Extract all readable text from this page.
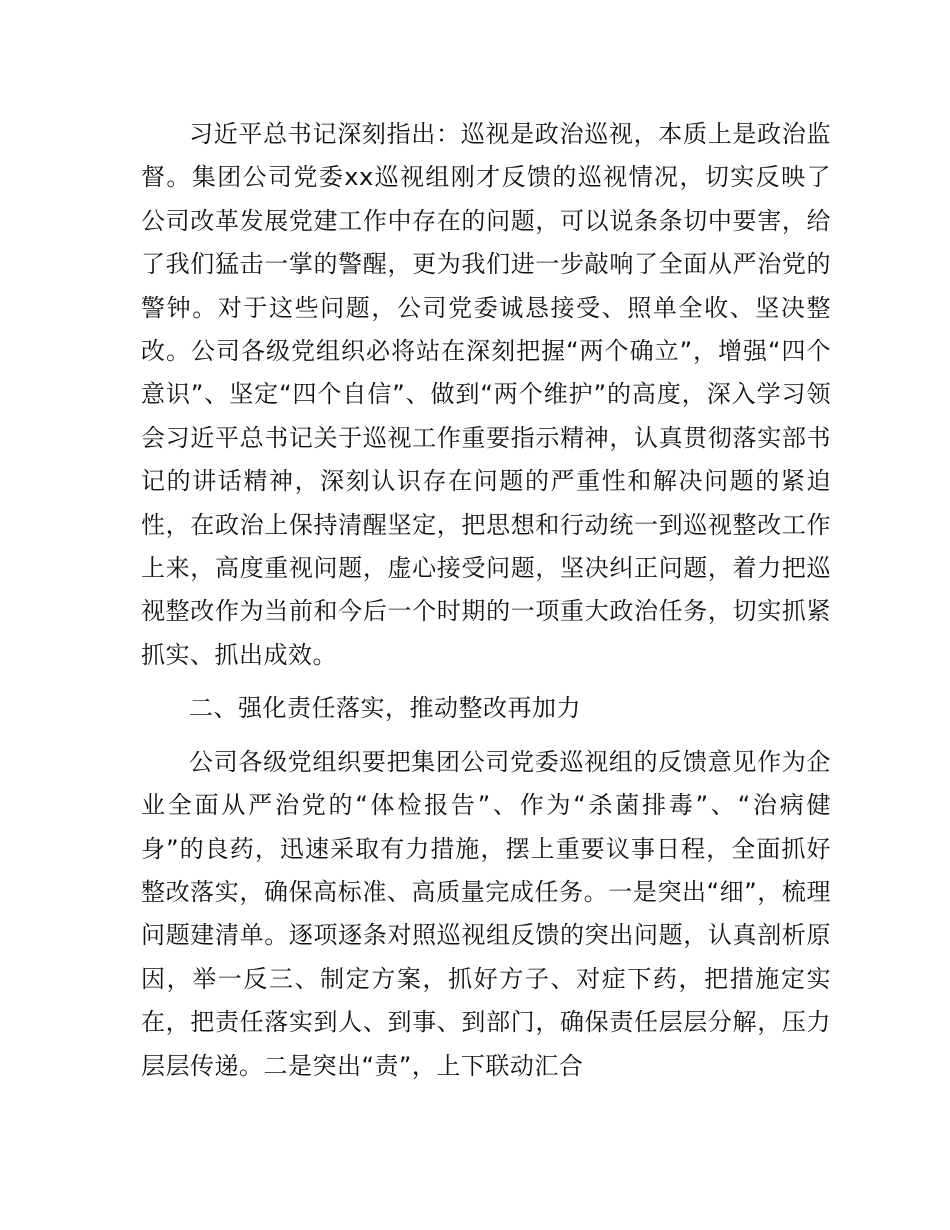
习近平总书记深刻指出：巡视是政治巡视，本质上是政治监督。集团公司党委xx巡视组刚才反馈的巡视情况，切实反映了公司改革发展党建工作中存在的问题，可以说条条切中要害，给了我们猛击一掌的警醒，更为我们进一步敲响了全面从严治党的警钟。对于这些问题，公司党委诚恳接受、照单全收、坚决整改。公司各级党组织必将站在深刻把握“两个确立”，增强“四个意识”、坚定“四个自信”、做到“两个维护”的高度，深入学习领会习近平总书记关于巡视工作重要指示精神，认真贯彻落实部书记的讲话精神，深刻认识存在问题的严重性和解决问题的紧迫性，在政治上保持清醒坚定，把思想和行动统一到巡视整改工作上来，高度重视问题，虚心接受问题，坚决纠正问题，着力把巡视整改作为当前和今后一个时期的一项重大政治任务，切实抓紧抓实、抓出成效。

二、强化责任落实，推动整改再加力

公司各级党组织要把集团公司党委巡视组的反馈意见作为企业全面从严治党的“体检报告”、作为“杀菌排毒”、“治病健身”的良药，迅速采取有力措施，摆上重要议事日程，全面抓好整改落实，确保高标准、高质量完成任务。一是突出“细”，梳理问题建清单。逐项逐条对照巡视组反馈的突出问题，认真剖析原因，举一反三、制定方案，抓好方子、对症下药，把措施定实在，把责任落实到人、到事、到部门，确保责任层层分解，压力层层传递。二是突出“责”，上下联动汇合
